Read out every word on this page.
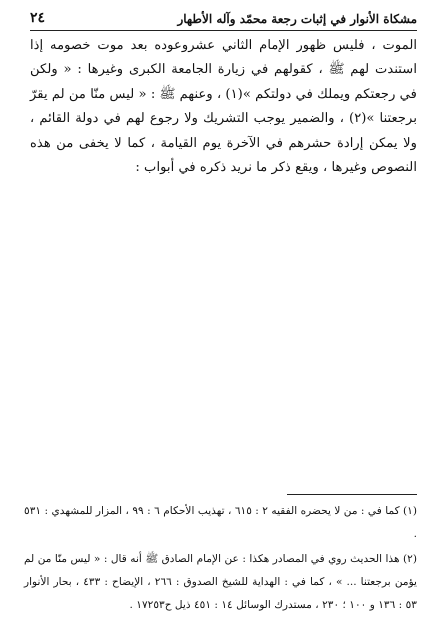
مشكاة الأنوار في إثبات رجعة محمّد وآله الأطهار
٢٤

الموت ، فليس ظهور الإمام الثاني عشروعوده بعد موت خصومه إذا استندت لهم ﷺ ، كقولهم في زيارة الجامعة الكبرى وغيرها : « ولكن في رجعتكم ويملك في دولتكم »(١) ، وعنهم ﷺ : « ليس منّا من لم يقرّ برجعتنا »(٢) ، والضمير يوجب التشريك ولا رجوع لهم في دولة القائم ، ولا يمكن إرادة حشرهم في الآخرة يوم القيامة ، كما لا يخفى من هذه النصوص وغيرها ، ويقع ذكر ما نريد ذكره في أبواب :

(١) كما في : من لا يحضره الفقيه ٢ : ٦١٥ ، تهذيب الأحكام ٦ : ٩٩ ، المزار للمشهدي : ٥٣١ .

(٢) هذا الحديث روي في المصادر هكذا : عن الإمام الصادق ﷺ أنه قال : « ليس منّا من لم يؤمن برجعتنا ... » ، كما في : الهداية للشيخ الصدوق : ٢٦٦ ، الإيضاح : ٤٣٣ ، بحار الأنوار ٥٣ : ١٣٦ و ١٠٠ ؛ ٢٣٠ ، مستدرك الوسائل ١٤ : ٤٥١ ذيل ح١٧٢٥٣ .
